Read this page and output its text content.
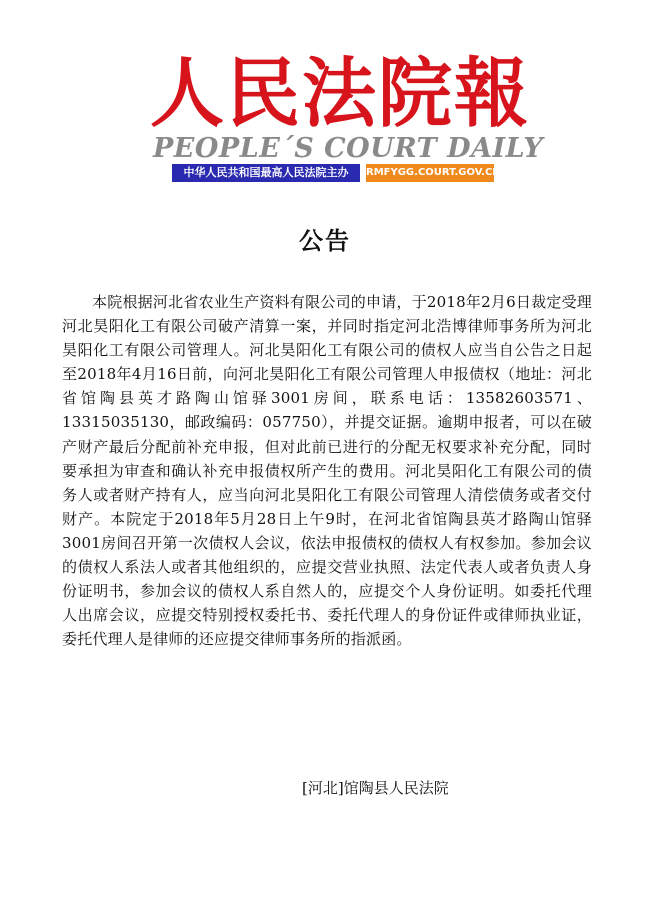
人民法院報
PEOPLE´S COURT DAILY
中华人民共和国最高人民法院主办	RMFYGG.COURT.GOV.CN
公告

本院根据河北省农业生产资料有限公司的申请，于2018年2月6日裁定受理河北昊阳化工有限公司破产清算一案，并同时指定河北浩博律师事务所为河北昊阳化工有限公司管理人。河北昊阳化工有限公司的债权人应当自公告之日起至2018年4月16日前，向河北昊阳化工有限公司管理人申报债权（地址：河北省馆陶县英才路陶山馆驿3001房间，联系电话：13582603571、13315035130，邮政编码：057750），并提交证据。逾期申报者，可以在破产财产最后分配前补充申报，但对此前已进行的分配无权要求补充分配，同时要承担为审查和确认补充申报债权所产生的费用。河北昊阳化工有限公司的债务人或者财产持有人，应当向河北昊阳化工有限公司管理人清偿债务或者交付财产。本院定于2018年5月28日上午9时，在河北省馆陶县英才路陶山馆驿3001房间召开第一次债权人会议，依法申报债权的债权人有权参加。参加会议的债权人系法人或者其他组织的，应提交营业执照、法定代表人或者负责人身份证明书，参加会议的债权人系自然人的，应提交个人身份证明。如委托代理人出席会议，应提交特别授权委托书、委托代理人的身份证件或律师执业证，委托代理人是律师的还应提交律师事务所的指派函。

[河北]馆陶县人民法院
